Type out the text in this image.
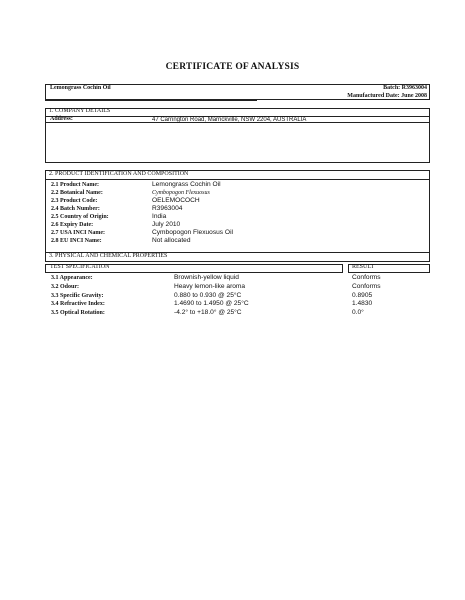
CERTIFICATE OF ANALYSIS
Lemongrass Cochin Oil	Batch: R3963004
Manufactured Date: June 2008
1. COMPANY DETAILS
Address:	47 Carrington Road, Marrickville, NSW 2204, AUSTRALIA
2. PRODUCT IDENTIFICATION AND COMPOSITION
2.1 Product Name:	Lemongrass Cochin Oil
2.2 Botanical Name:	Cymbopogon Flexuosus
2.3 Product Code:	OELEMOCOCH
2.4 Batch Number:	R3963004
2.5 Country of Origin:	India
2.6 Expiry Date:	July 2010
2.7 USA INCI Name:	Cymbopogon Flexuosus Oil
2.8 EU INCI Name:	Not allocated
3. PHYSICAL AND CHEMICAL PROPERTIES
TEST SPECIFICATION	RESULT
3.1 Appearance:	Brownish-yellow liquid	Conforms
3.2 Odour:	Heavy lemon-like aroma	Conforms
3.3 Specific Gravity:	0.880 to 0.930 @ 25°C	0.8905
3.4 Refractive Index:	1.4690 to 1.4950 @ 25°C	1.4830
3.5 Optical Rotation:	-4.2° to +18.0° @ 25°C	0.0°
